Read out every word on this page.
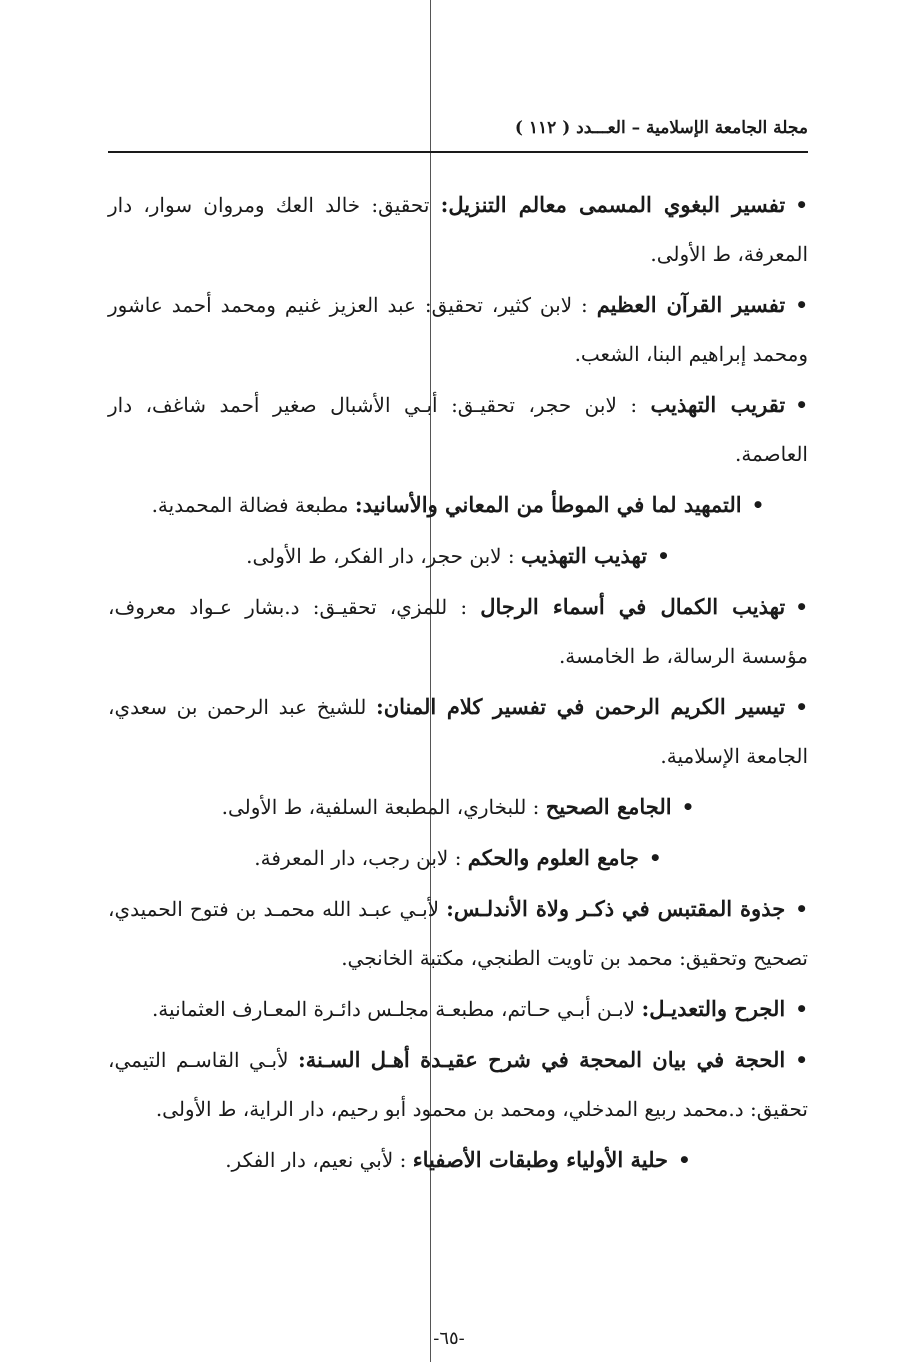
مجلة الجامعة الإسلامية – العـــدد ( ١١٢ )

•تفسير البغوي المسمى معالم التنزيل: تحقيق: خالد العك ومروان سوار، دار المعرفة، ط الأولى.

•تفسير القرآن العظيم : لابن كثير، تحقيق: عبد العزيز غنيم ومحمد أحمد عاشور ومحمد إبراهيم البنا، الشعب.

•تقريب التهذيب : لابن حجر، تحقيـق: أبـي الأشبال صغير أحمد شاغف، دار العاصمة.

•التمهيد لما في الموطأ من المعاني والأسانيد: مطبعة فضالة المحمدية.

•تهذيب التهذيب : لابن حجر، دار الفكر، ط الأولى.

•تهذيب الكمال في أسماء الرجال : للمزي، تحقيـق: د.بشار عـواد معروف، مؤسسة الرسالة، ط الخامسة.

•تيسير الكريم الرحمن في تفسير كلام المنان: للشيخ عبد الرحمن بن سعدي، الجامعة الإسلامية.

•الجامع الصحيح : للبخاري، المطبعة السلفية، ط الأولى.

•جامع العلوم والحكم : لابن رجب، دار المعرفة.

•جذوة المقتبس في ذكـر ولاة الأندلـس: لأبـي عبـد الله محمـد بن فتوح الحميدي، تصحيح وتحقيق: محمد بن تاويت الطنجي، مكتبة الخانجي.

•الجرح والتعديـل: لابـن أبـي حـاتم، مطبعـة مجلـس دائـرة المعـارف العثمانية.

•الحجة في بيان المحجة في شرح عقيـدة أهـل السـنة: لأبـي القاسـم التيمي، تحقيق: د.محمد ربيع المدخلي، ومحمد بن محمود أبو رحيم، دار الراية، ط الأولى.

•حلية الأولياء وطبقات الأصفياء : لأبي نعيم، دار الفكر.

-٦٥-
